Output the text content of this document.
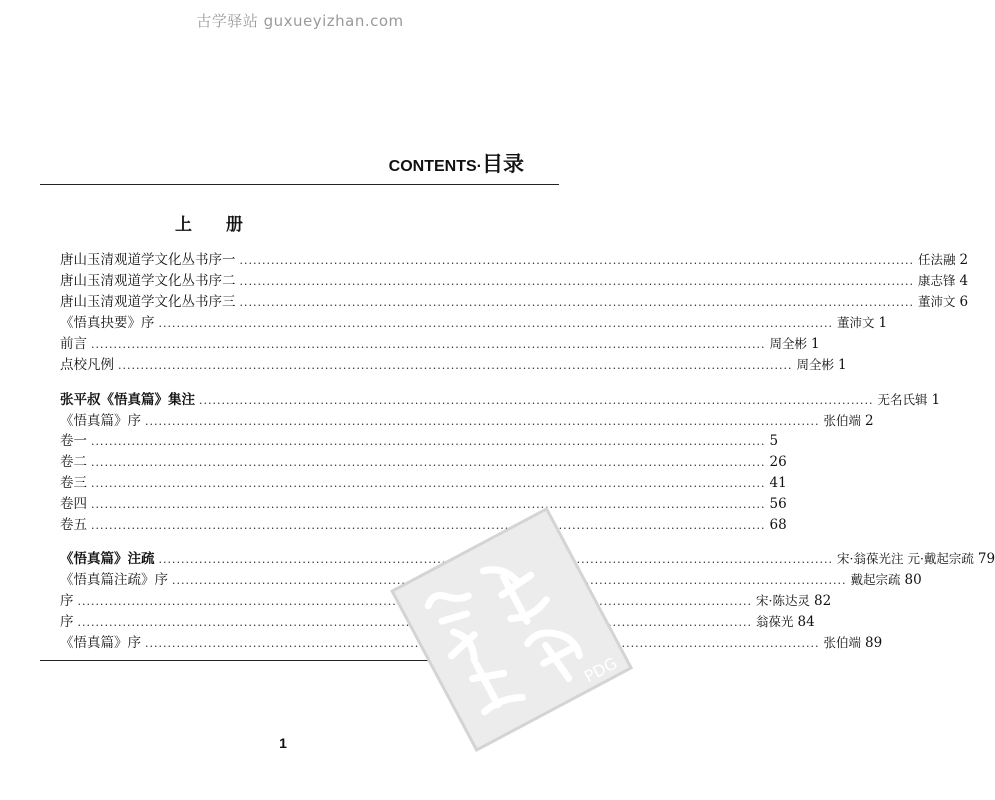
古学驿站 guxueyizhan.com
CONTENTS·目录
上 册
唐山玉清观道学文化丛书序一 .....	任法融 2
唐山玉清观道学文化丛书序二 .....	康志锋 4
唐山玉清观道学文化丛书序三 .....	董沛文 6
《悟真抉要》序 .....	董沛文 1
前言 .....	周全彬 1
点校凡例 .....	周全彬 1
张平叔《悟真篇》集注 .....	无名氏辑 1
《悟真篇》序 .....	张伯端 2
卷一 .....	5
卷二 .....	26
卷三 .....	41
卷四 .....	56
卷五 .....	68
《悟真篇》注疏 .....	宋·翁葆光注 元·戴起宗疏 79
《悟真篇注疏》序 .....	戴起宗疏 80
序 .....	宋·陈达灵 82
序 .....	翁葆光 84
《悟真篇》序 .....	张伯端 89
PDG
1
